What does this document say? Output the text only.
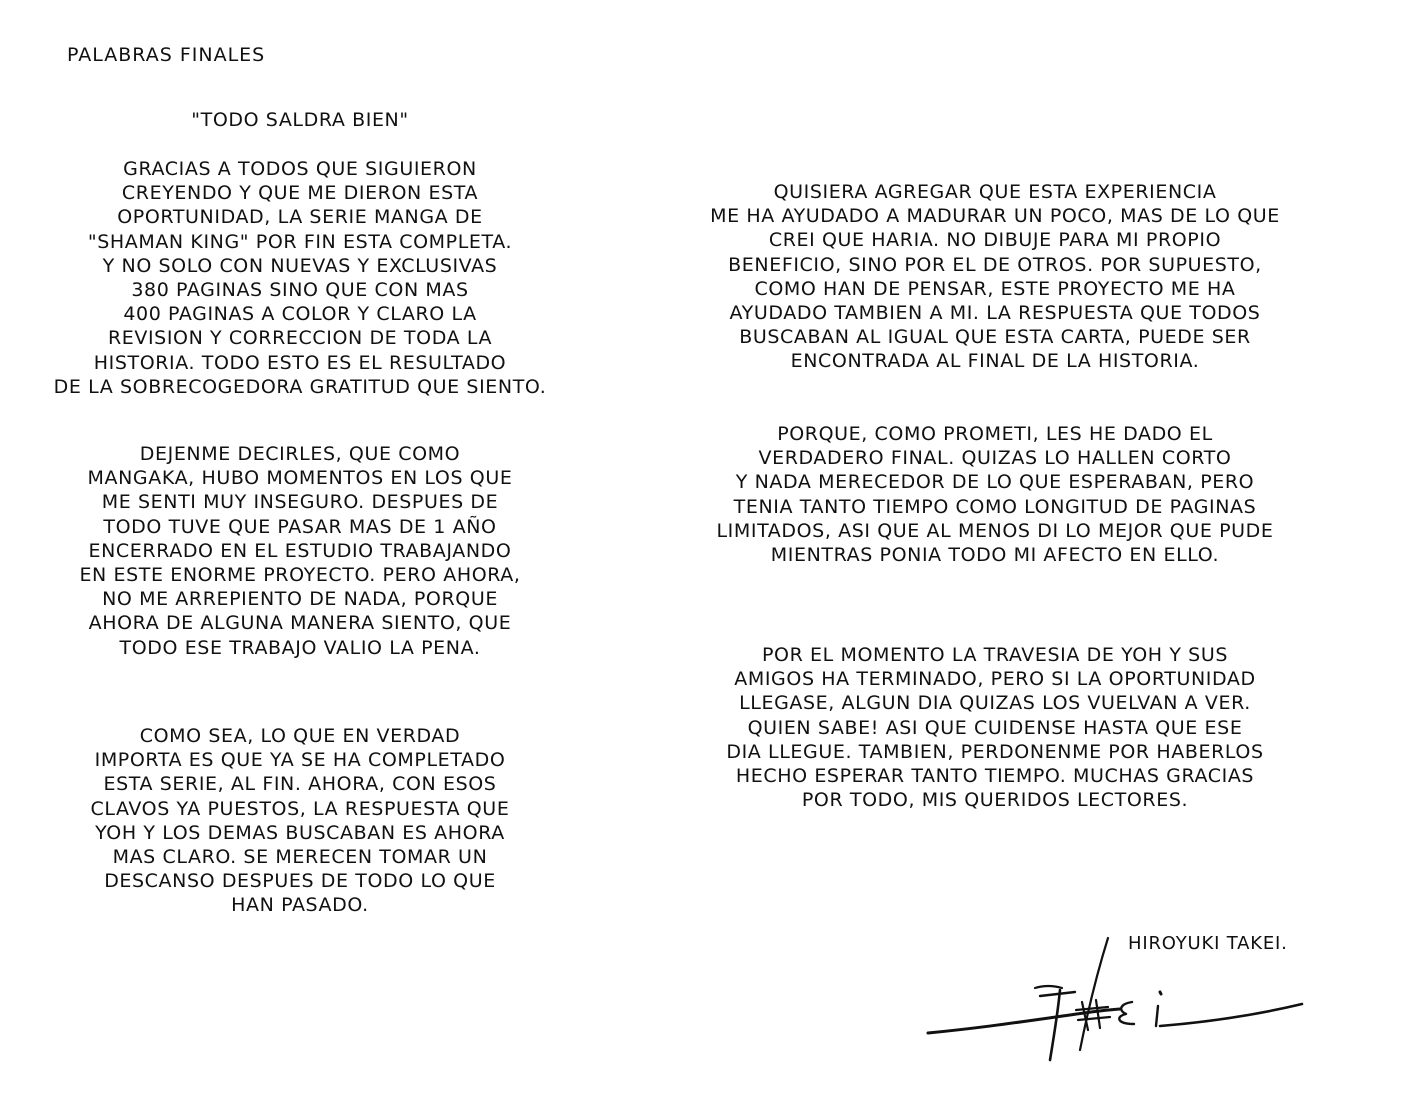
PALABRAS FINALES

"TODO SALDRA BIEN"

GRACIAS A TODOS QUE SIGUIERON
CREYENDO Y QUE ME DIERON ESTA
OPORTUNIDAD, LA SERIE MANGA DE
"SHAMAN KING" POR FIN ESTA COMPLETA.
Y NO SOLO CON NUEVAS Y EXCLUSIVAS
380 PAGINAS SINO QUE CON MAS
400 PAGINAS A COLOR Y CLARO LA
REVISION Y CORRECCION DE TODA LA
HISTORIA. TODO ESTO ES EL RESULTADO
DE LA SOBRECOGEDORA GRATITUD QUE SIENTO.

DEJENME DECIRLES, QUE COMO
MANGAKA, HUBO MOMENTOS EN LOS QUE
ME SENTI MUY INSEGURO. DESPUES DE
TODO TUVE QUE PASAR MAS DE 1 AÑO
ENCERRADO EN EL ESTUDIO TRABAJANDO
EN ESTE ENORME PROYECTO. PERO AHORA,
NO ME ARREPIENTO DE NADA, PORQUE
AHORA DE ALGUNA MANERA SIENTO, QUE
TODO ESE TRABAJO VALIO LA PENA.

COMO SEA, LO QUE EN VERDAD
IMPORTA ES QUE YA SE HA COMPLETADO
ESTA SERIE, AL FIN. AHORA, CON ESOS
CLAVOS YA PUESTOS, LA RESPUESTA QUE
YOH Y LOS DEMAS BUSCABAN ES AHORA
MAS CLARO. SE MERECEN TOMAR UN
DESCANSO DESPUES DE TODO LO QUE
HAN PASADO.

QUISIERA AGREGAR QUE ESTA EXPERIENCIA
ME HA AYUDADO A MADURAR UN POCO, MAS DE LO QUE
CREI QUE HARIA. NO DIBUJE PARA MI PROPIO
BENEFICIO, SINO POR EL DE OTROS. POR SUPUESTO,
COMO HAN DE PENSAR, ESTE PROYECTO ME HA
AYUDADO TAMBIEN A MI. LA RESPUESTA QUE TODOS
BUSCABAN AL IGUAL QUE ESTA CARTA, PUEDE SER
ENCONTRADA AL FINAL DE LA HISTORIA.

PORQUE, COMO PROMETI, LES HE DADO EL
VERDADERO FINAL. QUIZAS LO HALLEN CORTO
Y NADA MERECEDOR DE LO QUE ESPERABAN, PERO
TENIA TANTO TIEMPO COMO LONGITUD DE PAGINAS
LIMITADOS, ASI QUE AL MENOS DI LO MEJOR QUE PUDE
MIENTRAS PONIA TODO MI AFECTO EN ELLO.

POR EL MOMENTO LA TRAVESIA DE YOH Y SUS
AMIGOS HA TERMINADO, PERO SI LA OPORTUNIDAD
LLEGASE, ALGUN DIA QUIZAS LOS VUELVAN A VER.
QUIEN SABE! ASI QUE CUIDENSE HASTA QUE ESE
DIA LLEGUE. TAMBIEN, PERDONENME POR HABERLOS
HECHO ESPERAR TANTO TIEMPO. MUCHAS GRACIAS
POR TODO, MIS QUERIDOS LECTORES.

HIROYUKI TAKEI.
